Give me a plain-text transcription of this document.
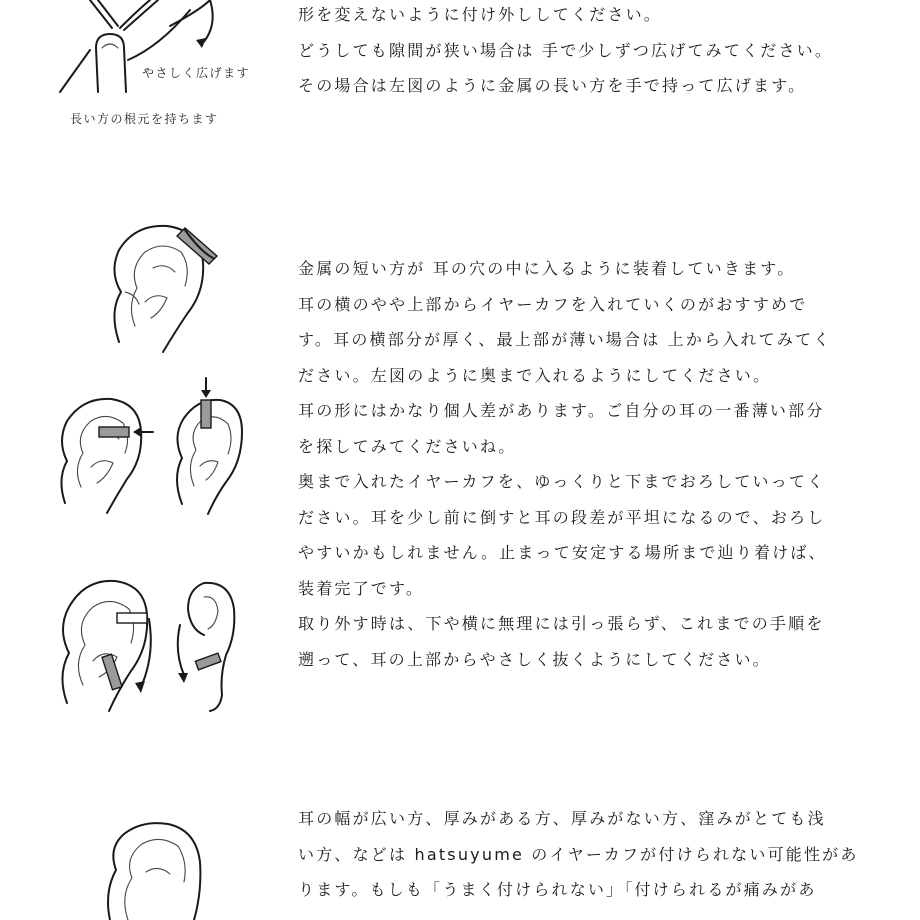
やさしく広げます
長い方の根元を持ちます
形を変えないように付け外ししてください。
どうしても隙間が狭い場合は 手で少しずつ広げてみてください。
その場合は左図のように金属の長い方を手で持って広げます。
金属の短い方が 耳の穴の中に入るように装着していきます。
耳の横のやや上部からイヤーカフを入れていくのがおすすめで
す。耳の横部分が厚く、最上部が薄い場合は 上から入れてみてく
ださい。左図のように奥まで入れるようにしてください。
耳の形にはかなり個人差があります。ご自分の耳の一番薄い部分
を探してみてくださいね。
奥まで入れたイヤーカフを、ゆっくりと下までおろしていってく
ださい。耳を少し前に倒すと耳の段差が平坦になるので、おろし
やすいかもしれません。止まって安定する場所まで辿り着けば、
装着完了です。
取り外す時は、下や横に無理には引っ張らず、これまでの手順を
遡って、耳の上部からやさしく抜くようにしてください。
耳の幅が広い方、厚みがある方、厚みがない方、窪みがとても浅
い方、などは hatsuyume のイヤーカフが付けられない可能性があ
ります。もしも「うまく付けられない」「付けられるが痛みがあ
